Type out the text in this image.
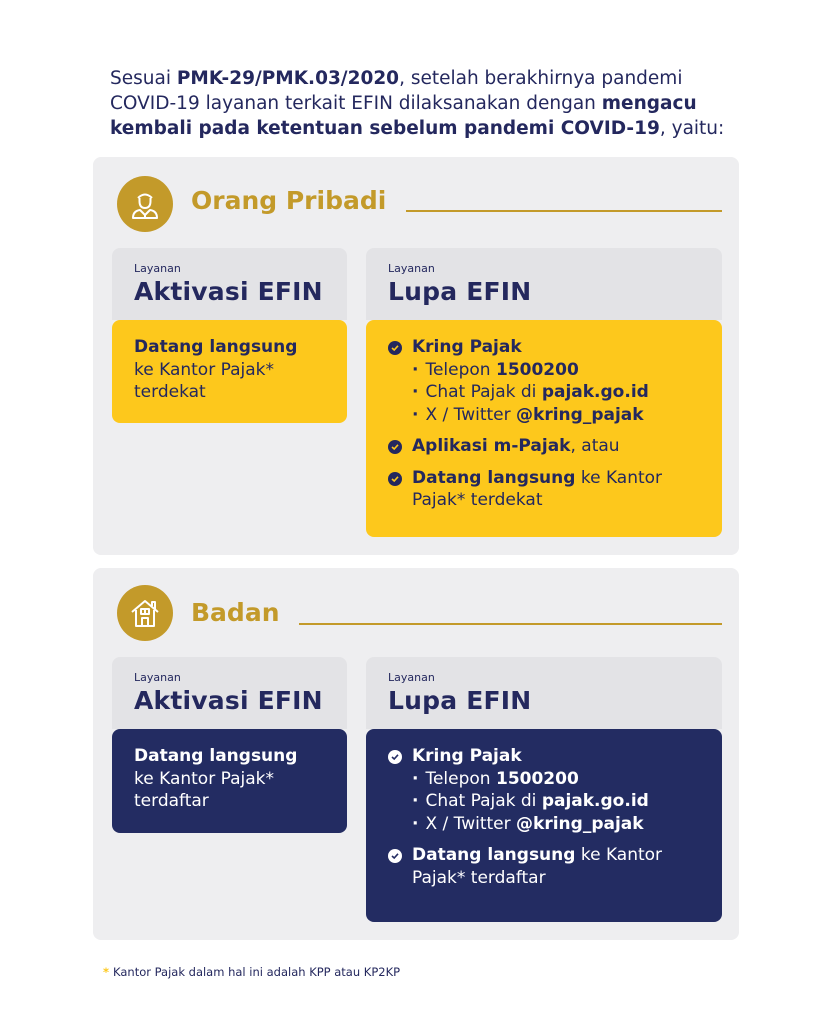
Sesuai PMK-29/PMK.03/2020, setelah berakhirnya pandemi COVID-19 layanan terkait EFIN dilaksanakan dengan mengacu kembali pada ketentuan sebelum pandemi COVID-19, yaitu:
Orang Pribadi
Layanan
Aktivasi EFIN
Datang langsung
ke Kantor Pajak* terdekat
Layanan
Lupa EFIN
Kring Pajak
· Telepon 1500200
· Chat Pajak di pajak.go.id
· X / Twitter @kring_pajak
Aplikasi m-Pajak, atau
Datang langsung ke Kantor Pajak* terdekat
Badan
Layanan
Aktivasi EFIN
Datang langsung
ke Kantor Pajak* terdaftar
Layanan
Lupa EFIN
Kring Pajak
· Telepon 1500200
· Chat Pajak di pajak.go.id
· X / Twitter @kring_pajak
Datang langsung ke Kantor Pajak* terdaftar
* Kantor Pajak dalam hal ini adalah KPP atau KP2KP
